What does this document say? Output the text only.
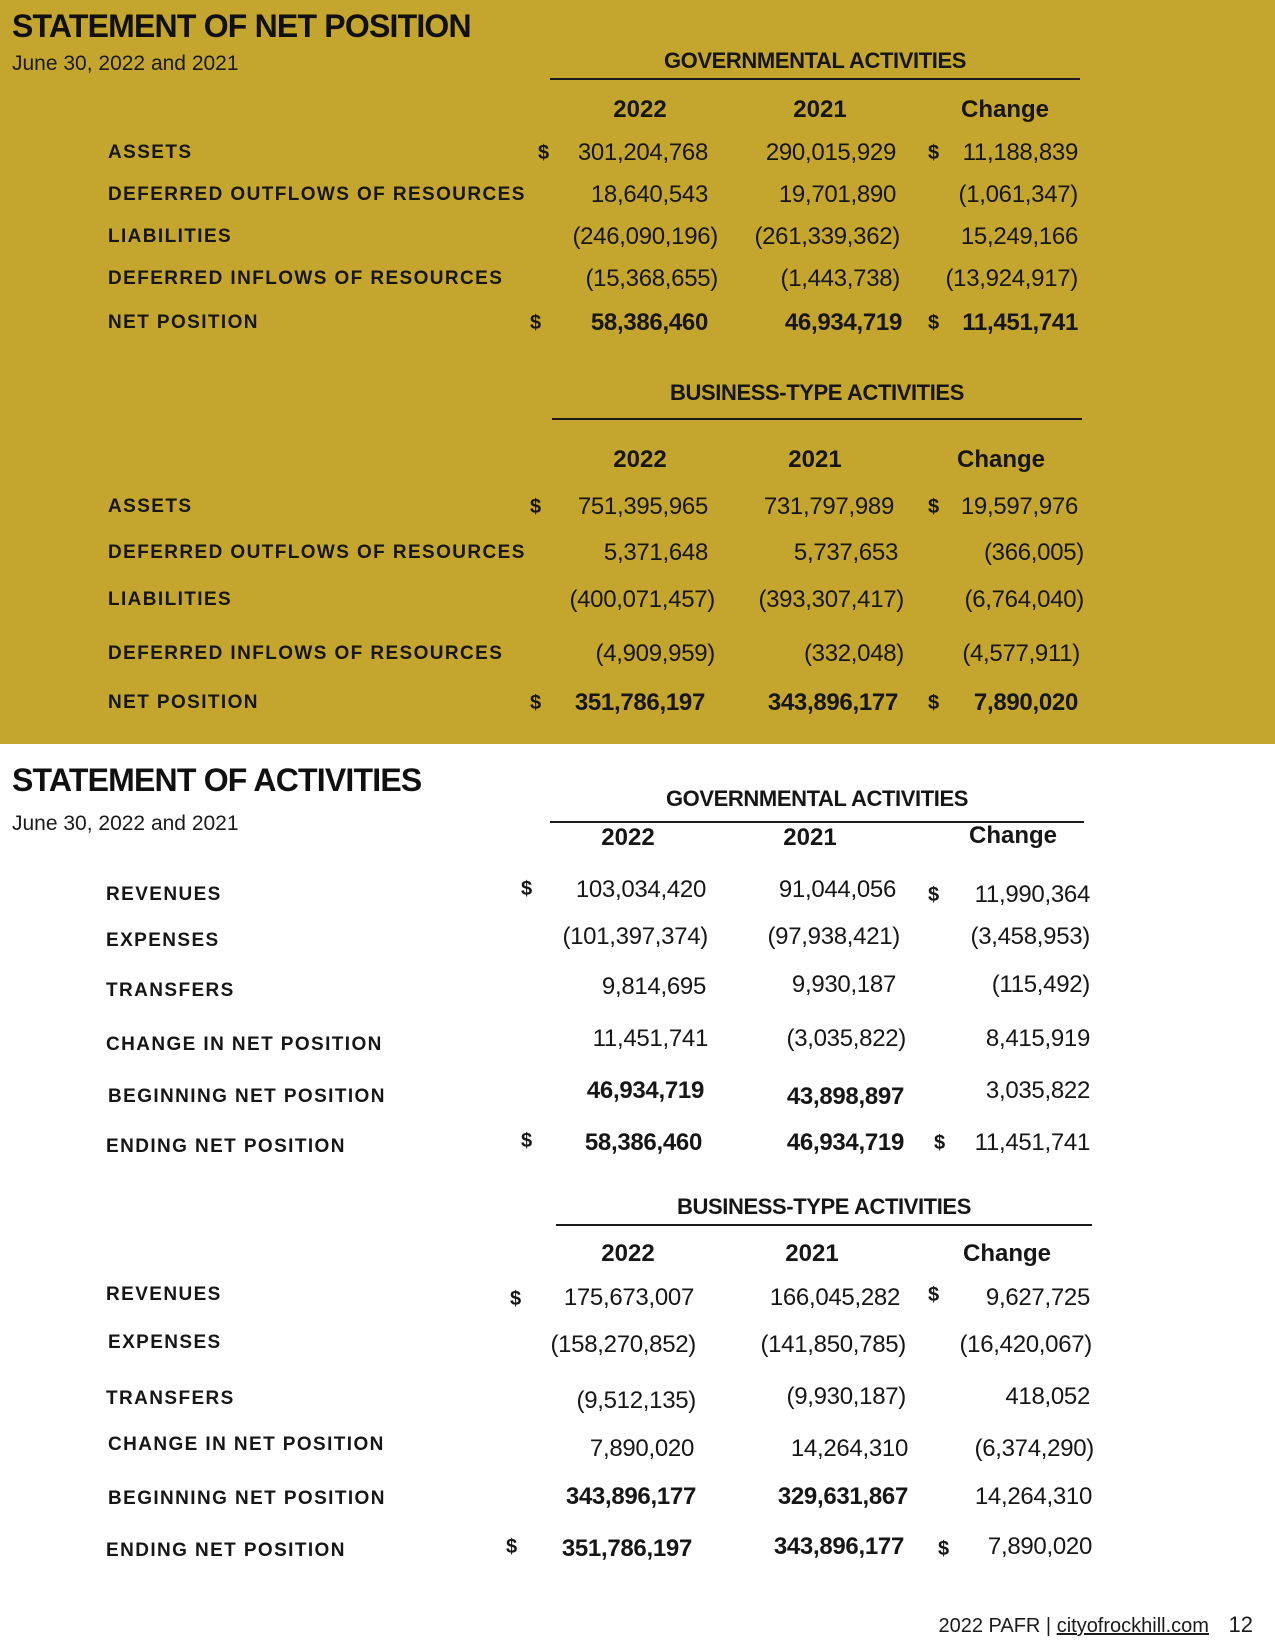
STATEMENT OF NET POSITION
June 30, 2022 and 2021	GOVERNMENTAL ACTIVITIES
2022	2021	Change
ASSETS	$	301,204,768	290,015,929 $ 11,188,839
DEFERRED OUTFLOWS OF RESOURCES	18,640,543	19,701,890	(1,061,347)
LIABILITIES	(246,090,196)	(261,339,362)	15,249,166
DEFERRED INFLOWS OF RESOURCES	(15,368,655)	(1,443,738)	(13,924,917)
NET POSITION	$	58,386,460	46,934,719 $ 11,451,741
BUSINESS-TYPE ACTIVITIES
2022	2021	Change
ASSETS	$	751,395,965	731,797,989 $ 19,597,976
DEFERRED OUTFLOWS OF RESOURCES	5,371,648	5,737,653	(366,005)
LIABILITIES	(400,071,457)	(393,307,417)	(6,764,040)
DEFERRED INFLOWS OF RESOURCES	(4,909,959)	(332,048)	(4,577,911)
NET POSITION	$	351,786,197	343,896,177 $	7,890,020
STATEMENT OF ACTIVITIES
June 30, 2022 and 2021
GOVERNMENTAL ACTIVITIES
2022	2021	Change
REVENUES	$	103,034,420	91,044,056 $	11,990,364
EXPENSES	(101,397,374)	(97,938,421)	(3,458,953)
TRANSFERS	9,814,695	9,930,187	(115,492)
CHANGE IN NET POSITION	11,451,741	(3,035,822)	8,415,919
BEGINNING NET POSITION	46,934,719	43,898,897	3,035,822
ENDING NET POSITION	$	58,386,460	46,934,719 $	11,451,741
BUSINESS-TYPE ACTIVITIES
2022	2021	Change
REVENUES	$	175,673,007	166,045,282 $	9,627,725
EXPENSES	(158,270,852)	(141,850,785)	(16,420,067)
TRANSFERS	(9,512,135)	(9,930,187)	418,052
CHANGE IN NET POSITION	7,890,020	14,264,310	(6,374,290)
BEGINNING NET POSITION	343,896,177	329,631,867	14,264,310
ENDING NET POSITION	$	351,786,197	343,896,177 $	7,890,020
2022 PAFR | cityofrockhill.com 12
